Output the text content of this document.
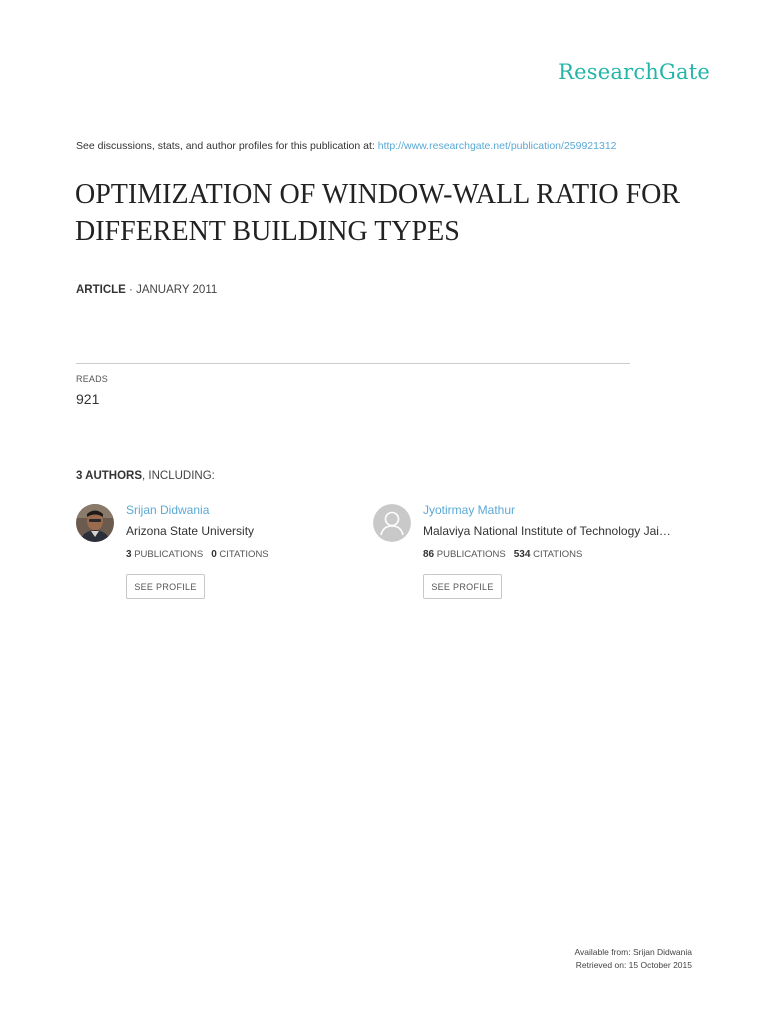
ResearchGate
See discussions, stats, and author profiles for this publication at: http://www.researchgate.net/publication/259921312
OPTIMIZATION OF WINDOW-WALL RATIO FOR DIFFERENT BUILDING TYPES
ARTICLE · JANUARY 2011
READS
921
3 AUTHORS, INCLUDING:
Srijan Didwania
Arizona State University
3 PUBLICATIONS 0 CITATIONS
SEE PROFILE
Jyotirmay Mathur
Malaviya National Institute of Technology Jai…
86 PUBLICATIONS 534 CITATIONS
SEE PROFILE
Available from: Srijan Didwania
Retrieved on: 15 October 2015
